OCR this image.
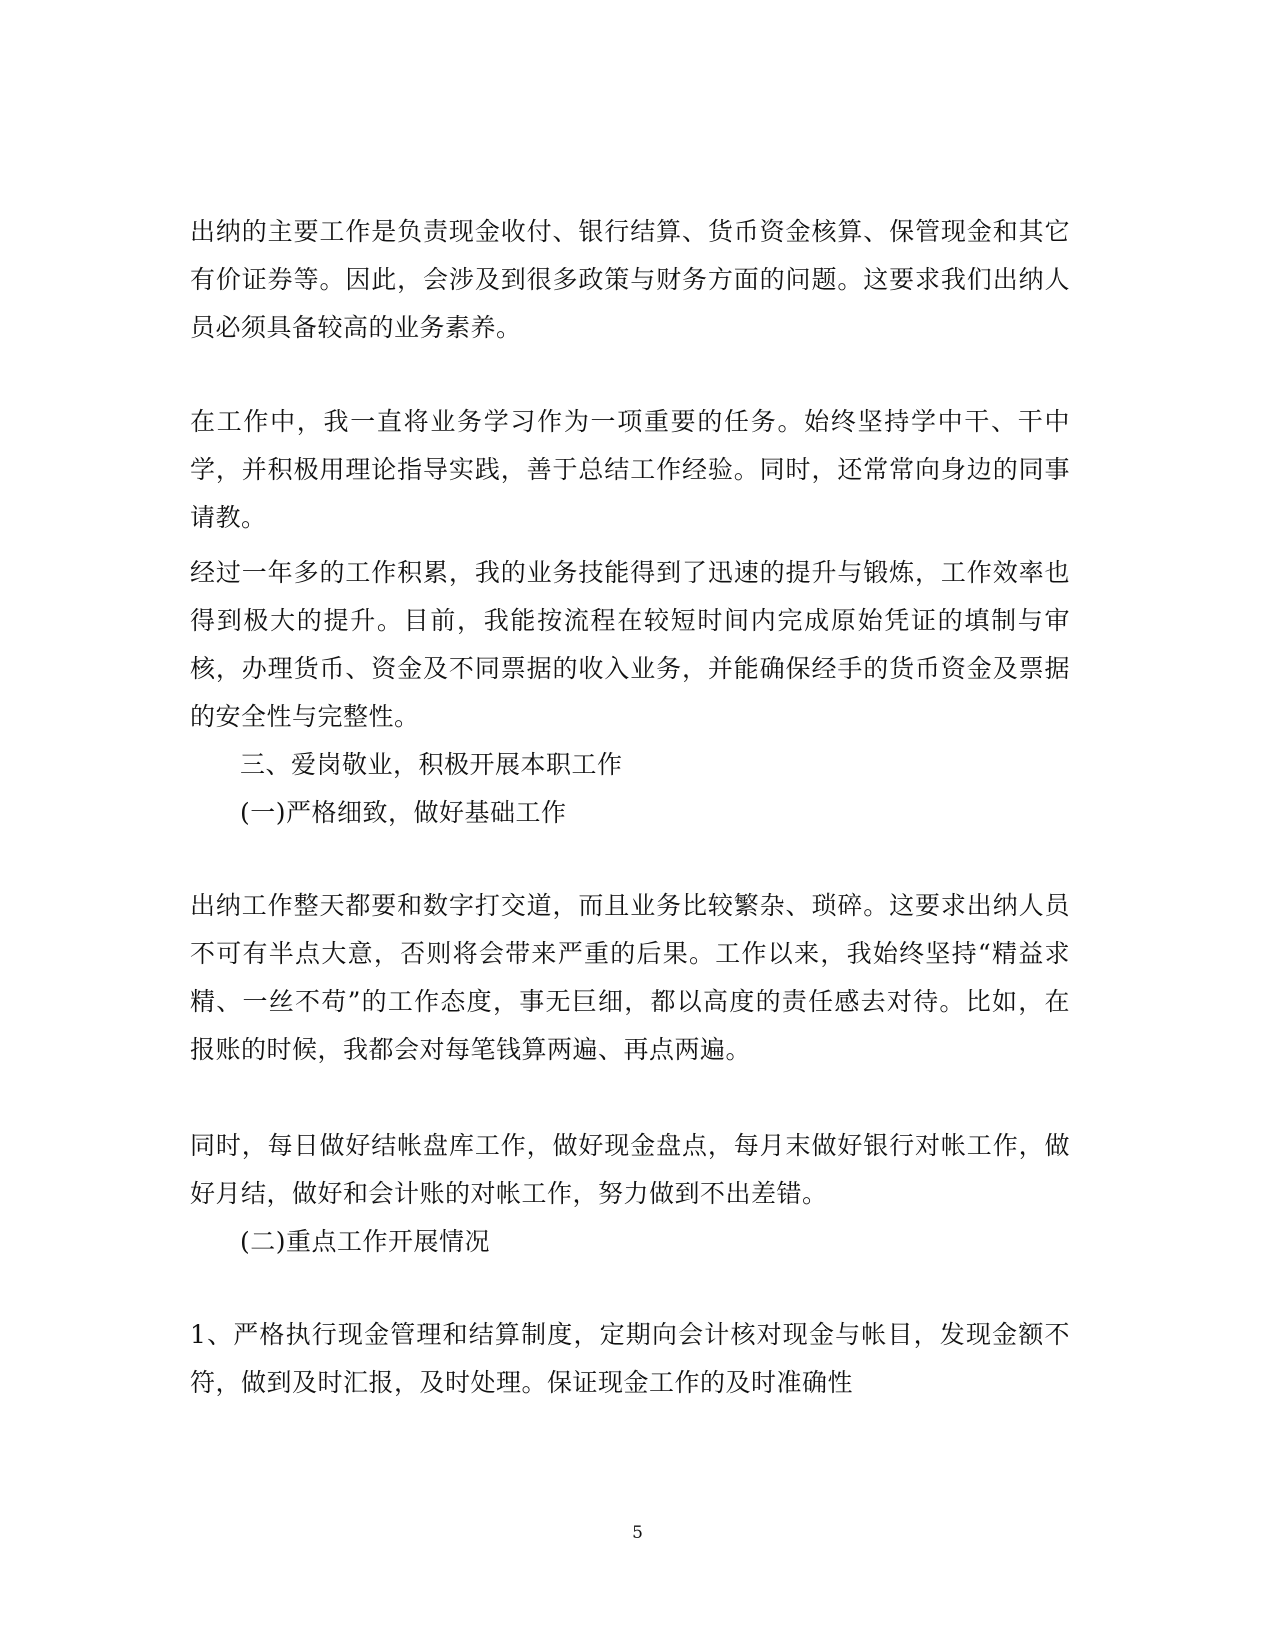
出纳的主要工作是负责现金收付、银行结算、货币资金核算、保管现金和其它有价证券等。因此，会涉及到很多政策与财务方面的问题。这要求我们出纳人员必须具备较高的业务素养。

在工作中，我一直将业务学习作为一项重要的任务。始终坚持学中干、干中学，并积极用理论指导实践，善于总结工作经验。同时，还常常向身边的同事请教。

经过一年多的工作积累，我的业务技能得到了迅速的提升与锻炼，工作效率也得到极大的提升。目前，我能按流程在较短时间内完成原始凭证的填制与审核，办理货币、资金及不同票据的收入业务，并能确保经手的货币资金及票据的安全性与完整性。

三、爱岗敬业，积极开展本职工作

(一)严格细致，做好基础工作

出纳工作整天都要和数字打交道，而且业务比较繁杂、琐碎。这要求出纳人员不可有半点大意，否则将会带来严重的后果。工作以来，我始终坚持“精益求精、一丝不苟”的工作态度，事无巨细，都以高度的责任感去对待。比如，在报账的时候，我都会对每笔钱算两遍、再点两遍。

同时，每日做好结帐盘库工作，做好现金盘点，每月末做好银行对帐工作，做好月结，做好和会计账的对帐工作，努力做到不出差错。

(二)重点工作开展情况

1、严格执行现金管理和结算制度，定期向会计核对现金与帐目，发现金额不符，做到及时汇报，及时处理。保证现金工作的及时准确性

5
